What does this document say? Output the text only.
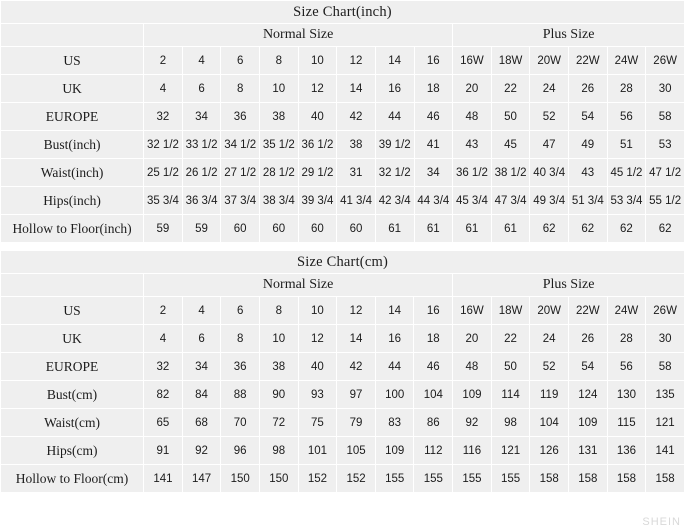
Size Chart(inch)														
	Normal Size								Plus Size					
US	2	4	6	8	10	12	14	16	16W	18W	20W	22W	24W	26W
UK	4	6	8	10	12	14	16	18	20	22	24	26	28	30
EUROPE	32	34	36	38	40	42	44	46	48	50	52	54	56	58
Bust(inch)	32 1/2	33 1/2	34 1/2	35 1/2	36 1/2	38	39 1/2	41	43	45	47	49	51	53
Waist(inch)	25 1/2	26 1/2	27 1/2	28 1/2	29 1/2	31	32 1/2	34	36 1/2	38 1/2	40 3/4	43	45 1/2	47 1/2
Hips(inch)	35 3/4	36 3/4	37 3/4	38 3/4	39 3/4	41 3/4	42 3/4	44 3/4	45 3/4	47 3/4	49 3/4	51 3/4	53 3/4	55 1/2
Hollow to Floor(inch)	59	59	60	60	60	60	61	61	61	61	62	62	62	62
Size Chart(cm)														
	Normal Size								Plus Size					
US	2	4	6	8	10	12	14	16	16W	18W	20W	22W	24W	26W
UK	4	6	8	10	12	14	16	18	20	22	24	26	28	30
EUROPE	32	34	36	38	40	42	44	46	48	50	52	54	56	58
Bust(cm)	82	84	88	90	93	97	100	104	109	114	119	124	130	135
Waist(cm)	65	68	70	72	75	79	83	86	92	98	104	109	115	121
Hips(cm)	91	92	96	98	101	105	109	112	116	121	126	131	136	141
Hollow to Floor(cm)	141	147	150	150	152	152	155	155	155	155	158	158	158	158
SHEIN
